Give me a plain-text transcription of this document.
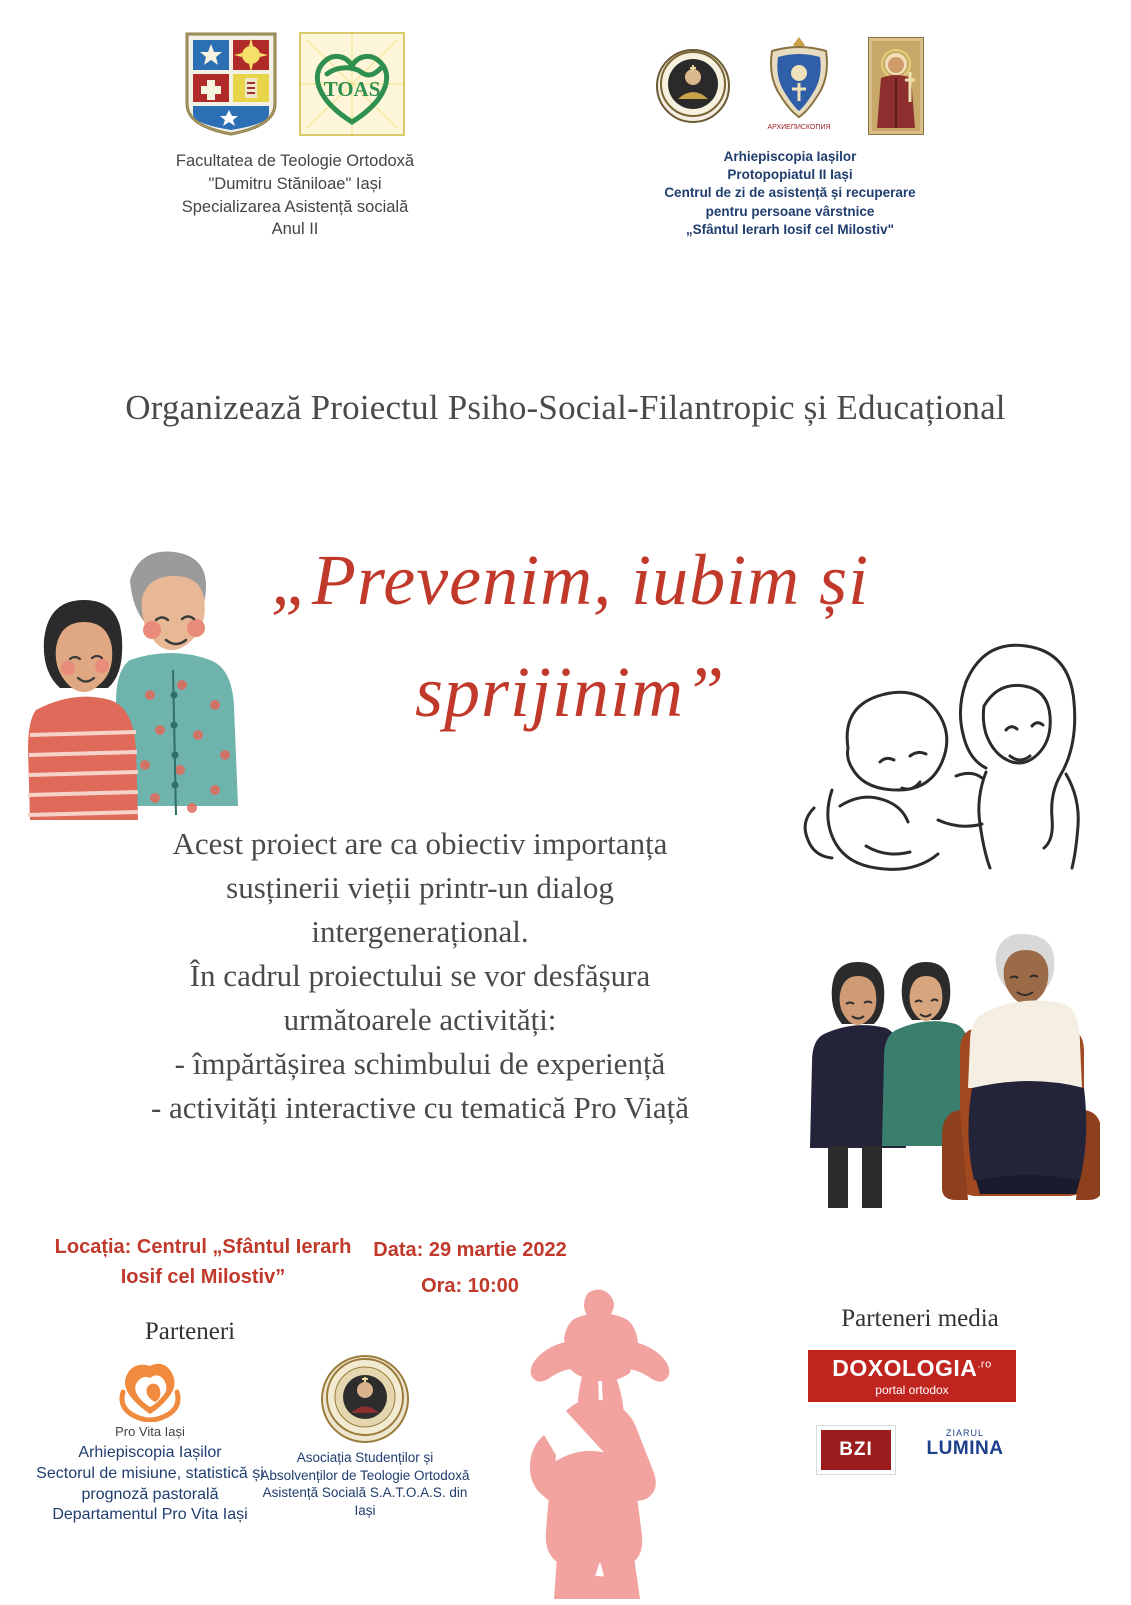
TOAS
Facultatea de Teologie Ortodoxă
"Dumitru Stăniloae" Iași
Specializarea Asistență socială
Anul II
АРХИЕПИСКОПИЯ
Arhiepiscopia Iașilor
Protopopiatul II Iași
Centrul de zi de asistență și recuperare
pentru persoane vârstnice
„Sfântul Ierarh Iosif cel Milostiv"
Organizează Proiectul Psiho-Social-Filantropic și Educațional
„Prevenim, iubim și
sprijinim”
Acest proiect are ca obiectiv importanța
susținerii vieții printr-un dialog
intergenerațional.
În cadrul proiectului se vor desfășura
următoarele activități:
- împărtășirea schimbului de experiență
- activități interactive cu tematică Pro Viață
Locația: Centrul „Sfântul Ierarh
Iosif cel Milostiv”
Data: 29 martie 2022
Ora: 10:00
Parteneri
Pro Vita Iași
Arhiepiscopia Iașilor
Sectorul de misiune, statistică și
prognoză pastorală
Departamentul Pro Vita Iași
Asociația Studenților și
Absolvenților de Teologie Ortodoxă
Asistență Socială S.A.T.O.A.S. din
Iași
Parteneri media
$DOXOLOGIA^{.ro}$
portal ortodox
BZI
ZIARUL
LUMINA
